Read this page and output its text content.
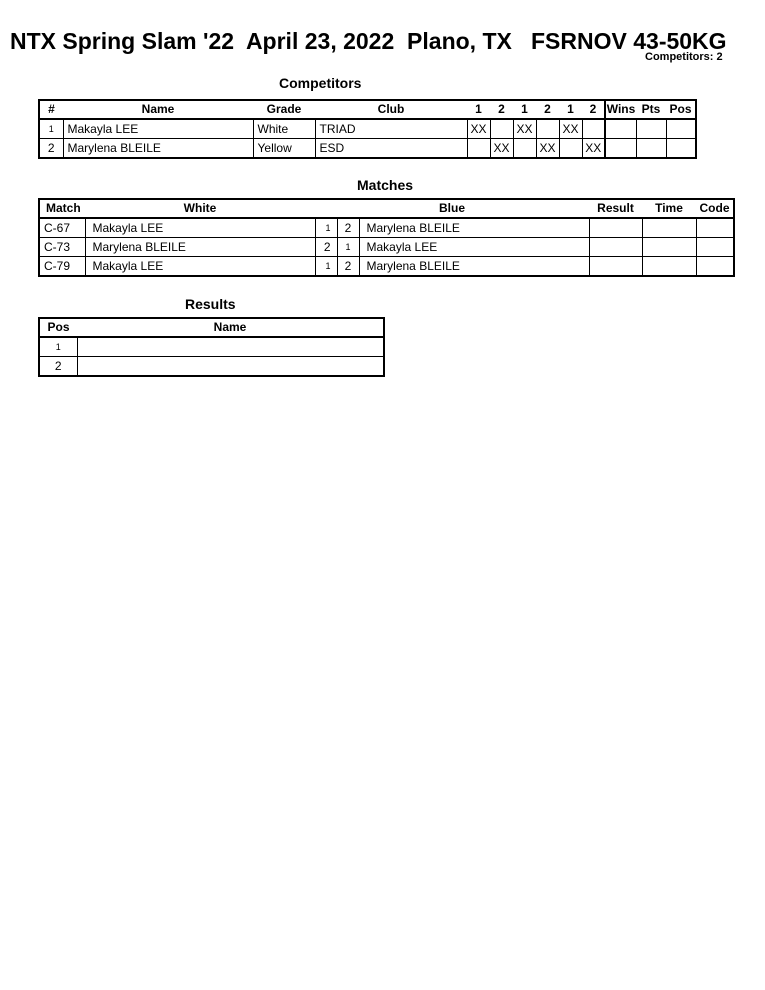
NTX Spring Slam '22  April 23, 2022  Plano, TX   FSRNOV 43-50KG
Competitors: 2
Competitors
#	Name	Grade	Club	1	2	1	2	1	2	Wins	Pts	Pos
1	Makayla LEE	White	TRIAD	XX		XX		XX				
2	Marylena BLEILE	Yellow	ESD		XX		XX		XX			
Matches
Match	White	Blue			Result	Time	Code
C-67	Makayla LEE	1	2	Marylena BLEILE			
C-73	Marylena BLEILE	2	1	Makayla LEE			
C-79	Makayla LEE	1	2	Marylena BLEILE			
Results
Pos	Name
1	
2	
